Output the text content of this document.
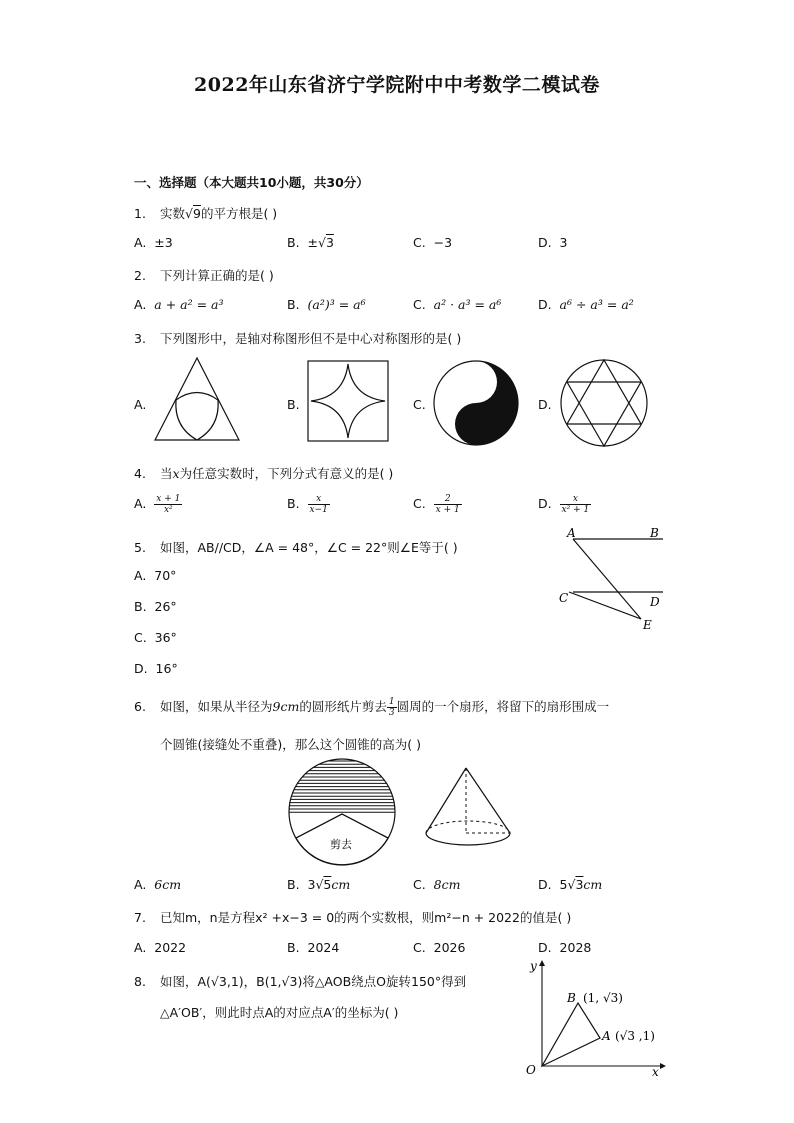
2022年山东省济宁学院附中中考数学二模试卷
一、选择题（本大题共10小题，共30分）
1. 实数√9的平方根是( )
A.  ±3	B.  ±√3	C.  −3	D.  3
2. 下列计算正确的是( )
A.  a + a² = a³	B.  (a²)³ = a⁶	C.  a² · a³ = a⁶	D.  a⁶ ÷ a³ = a²
3. 下列图形中，是轴对称图形但不是中心对称图形的是( )
A.	B.	C.	D.
4. 当x为任意实数时，下列分式有意义的是( )
A. $\frac{x + 1}{\text{x²}}$	B. $\frac{x}{x-1}$	C. $\frac{2}{x + 1}$	D. $\frac{x}{\text{x² + 1}}$
5. 如图，AB//CD，∠A = 48°，∠C = 22°则∠E等于( )
A.  70°
B.  26°
C.  36°
D.  16°
A	B
C	D
E
6. 如图，如果从半径为9cm的圆形纸片剪去 $\frac{1}{3}$ 圆周的一个扇形，将留下的扇形围成一
个圆锥(接缝处不重叠)，那么这个圆锥的高为( )
剪去
A.  6cm	B.  3√5cm	C.  8cm	D.  5√3cm
7. 已知m，n是方程x² +x−3 = 0的两个实数根，则m²−n + 2022的值是( )
A.  2022	B.  2024	C.  2026	D.  2028
8. 如图，A(√3,1)，B(1,√3)将△AOB绕点O旋转150°得到
△A′OB′，则此时点A的对应点A′的坐标为( )
y
x
O
B (1, √3)
A (√3 ,1)
